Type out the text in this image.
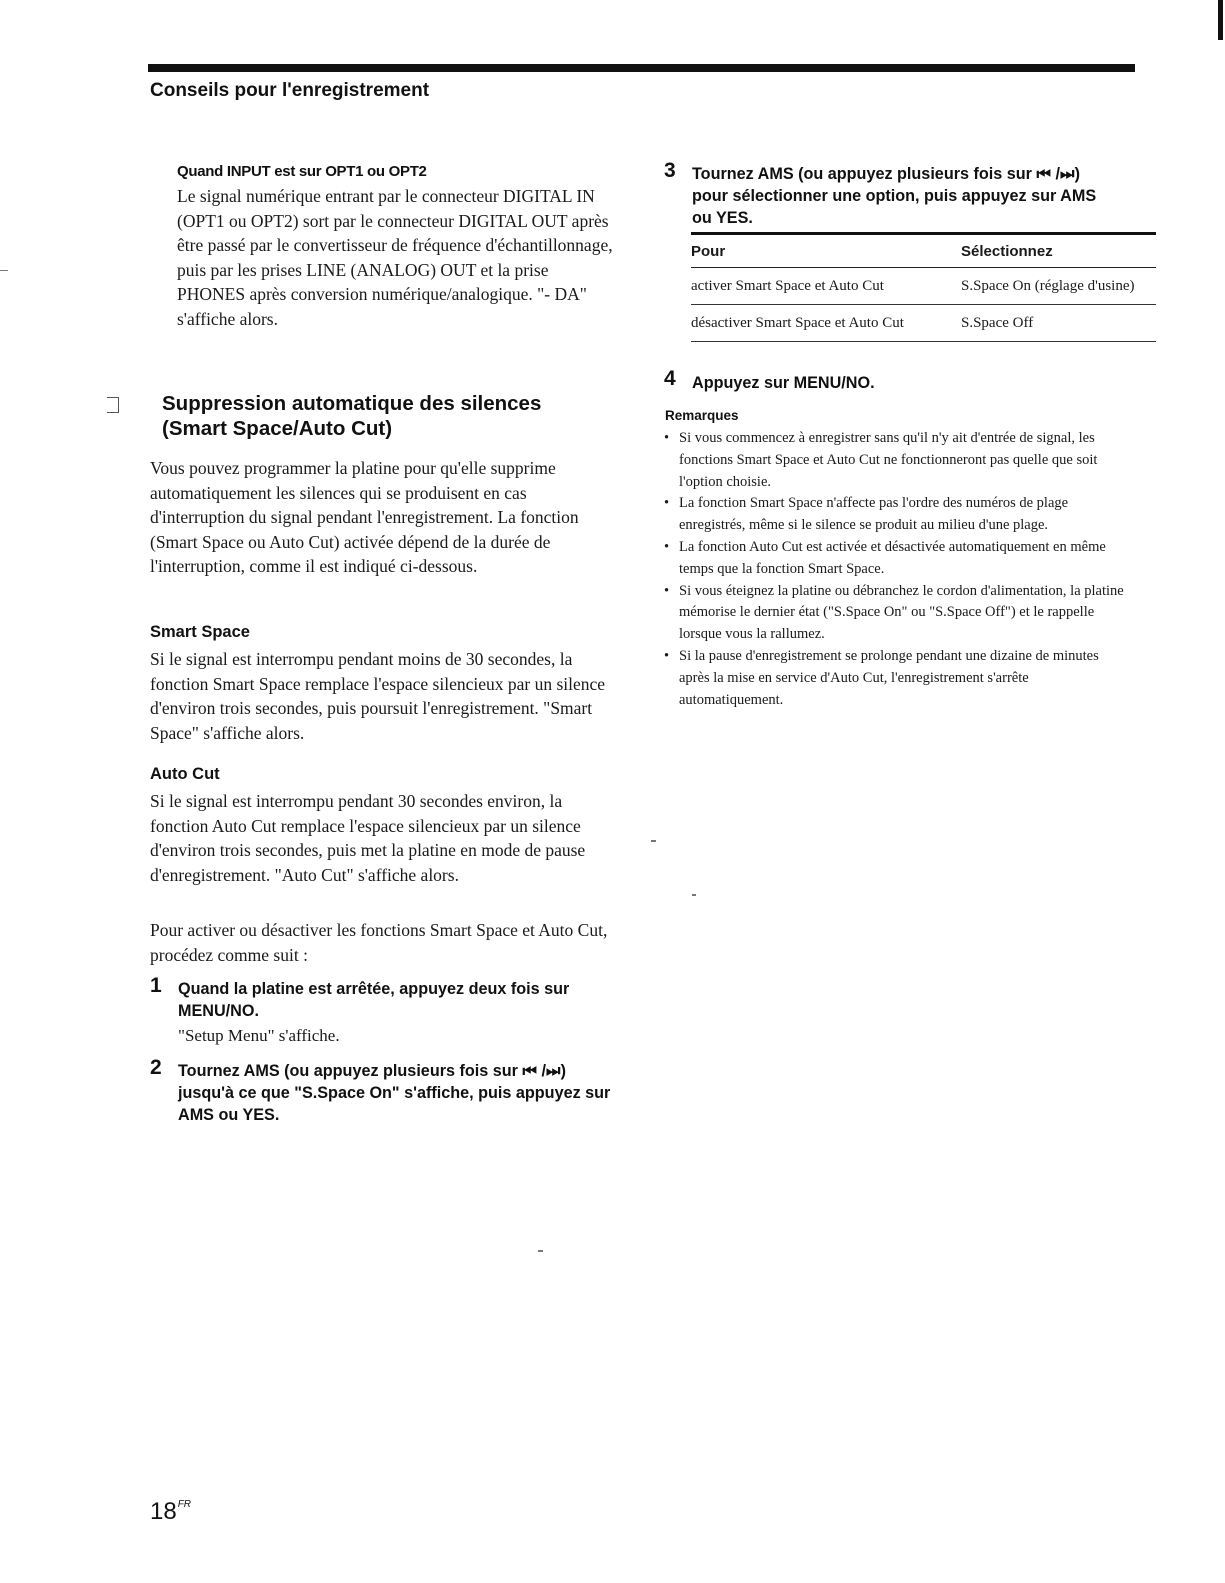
Conseils pour l'enregistrement
Quand INPUT est sur OPT1 ou OPT2

Le signal numérique entrant par le connecteur DIGITAL IN (OPT1 ou OPT2) sort par le connecteur DIGITAL OUT après être passé par le convertisseur de fréquence d'échantillonnage, puis par les prises LINE (ANALOG) OUT et la prise PHONES après conversion numérique/analogique. "- DA" s'affiche alors.

Suppression automatique des silences
(Smart Space/Auto Cut)

Vous pouvez programmer la platine pour qu'elle supprime automatiquement les silences qui se produisent en cas d'interruption du signal pendant l'enregistrement. La fonction (Smart Space ou Auto Cut) activée dépend de la durée de l'interruption, comme il est indiqué ci-dessous.

Smart Space

Si le signal est interrompu pendant moins de 30 secondes, la fonction Smart Space remplace l'espace silencieux par un silence d'environ trois secondes, puis poursuit l'enregistrement. "Smart Space" s'affiche alors.

Auto Cut

Si le signal est interrompu pendant 30 secondes environ, la fonction Auto Cut remplace l'espace silencieux par un silence d'environ trois secondes, puis met la platine en mode de pause d'enregistrement. "Auto Cut" s'affiche alors.

Pour activer ou désactiver les fonctions Smart Space et Auto Cut, procédez comme suit :

1 Quand la platine est arrêtée, appuyez deux fois sur MENU/NO.
"Setup Menu" s'affiche.
2 Tournez AMS (ou appuyez plusieurs fois sur ⏮ /⏭) jusqu'à ce que "S.Space On" s'affiche, puis appuyez sur AMS ou YES.
3 Tournez AMS (ou appuyez plusieurs fois sur ⏮ /⏭) pour sélectionner une option, puis appuyez sur AMS ou YES.
Pour	Sélectionnez
activer Smart Space et Auto Cut	S.Space On (réglage d'usine)
désactiver Smart Space et Auto Cut	S.Space Off
4 Appuyez sur MENU/NO.
Remarques
• Si vous commencez à enregistrer sans qu'il n'y ait d'entrée de signal, les fonctions Smart Space et Auto Cut ne fonctionneront pas quelle que soit l'option choisie.
• La fonction Smart Space n'affecte pas l'ordre des numéros de plage enregistrés, même si le silence se produit au milieu d'une plage.
• La fonction Auto Cut est activée et désactivée automatiquement en même temps que la fonction Smart Space.
• Si vous éteignez la platine ou débranchez le cordon d'alimentation, la platine mémorise le dernier état ("S.Space On" ou "S.Space Off") et le rappelle lorsque vous la rallumez.
• Si la pause d'enregistrement se prolonge pendant une dizaine de minutes après la mise en service d'Auto Cut, l'enregistrement s'arrête automatiquement.
$18^{FR}$
